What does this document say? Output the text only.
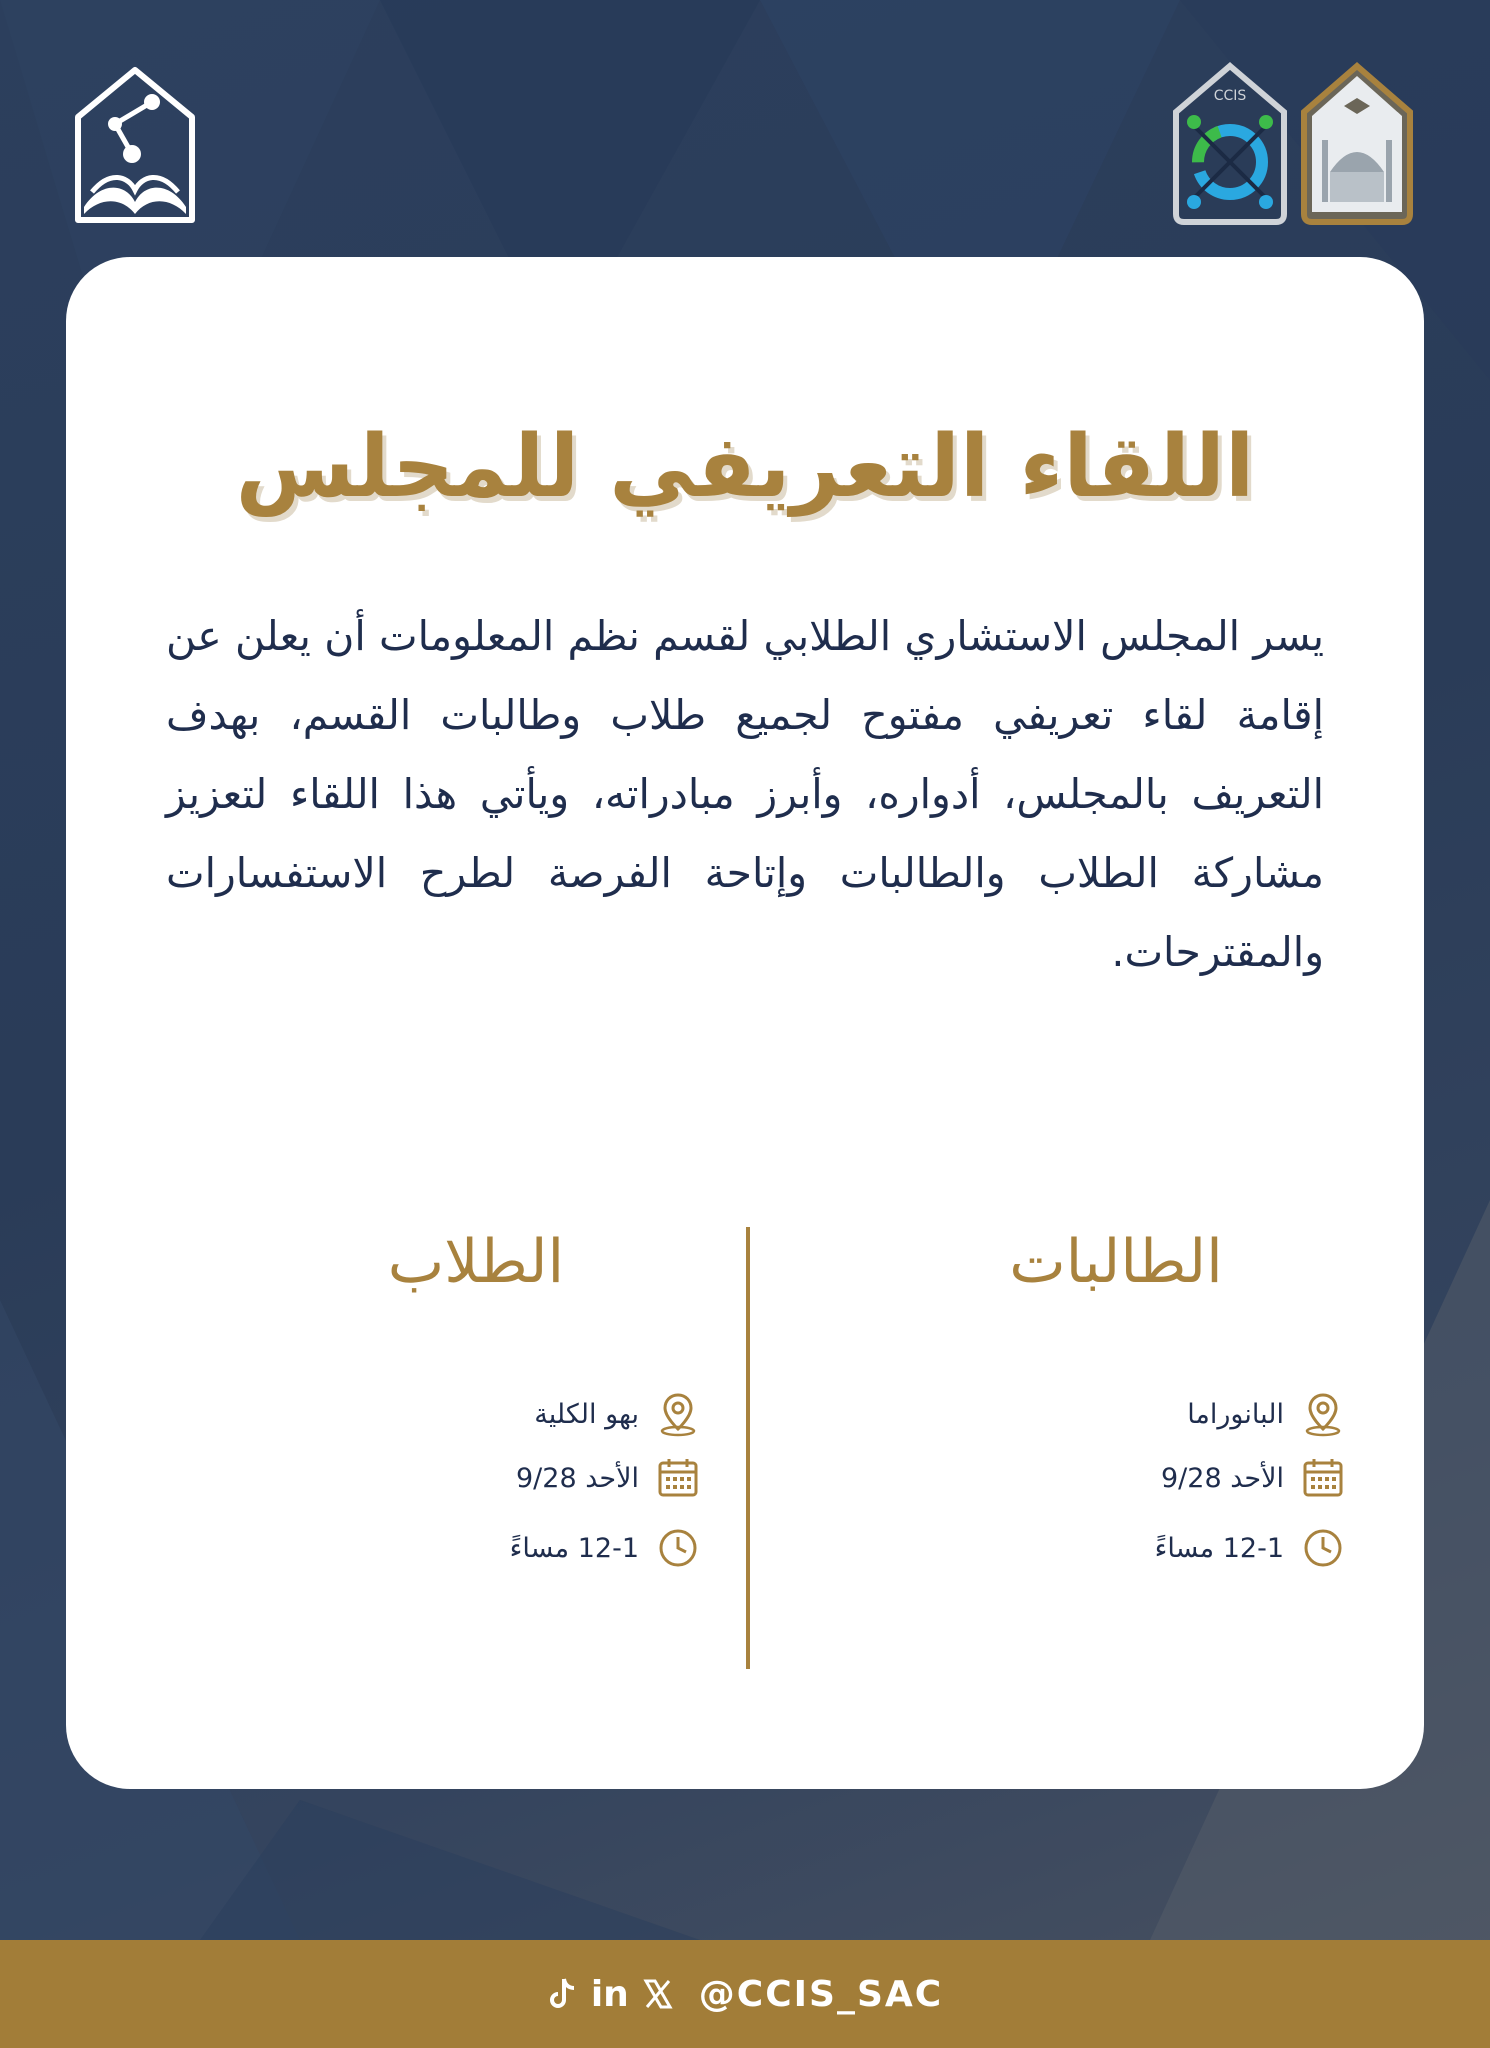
CCIS
اللقاء التعريفي للمجلس
يسر المجلس الاستشاري الطلابي لقسم نظم المعلومات أن يعلن عن إقامة لقاء تعريفي مفتوح لجميع طلاب وطالبات القسم، بهدف التعريف بالمجلس، أدواره، وأبرز مبادراته، ويأتي هذا اللقاء لتعزيز مشاركة الطلاب والطالبات وإتاحة الفرصة لطرح الاستفسارات والمقترحات.
الطالبات
البانوراما
الأحد 9/28
12-1 مساءً
الطلاب
بهو الكلية
الأحد 9/28
12-1 مساءً
in @CCIS_SAC
